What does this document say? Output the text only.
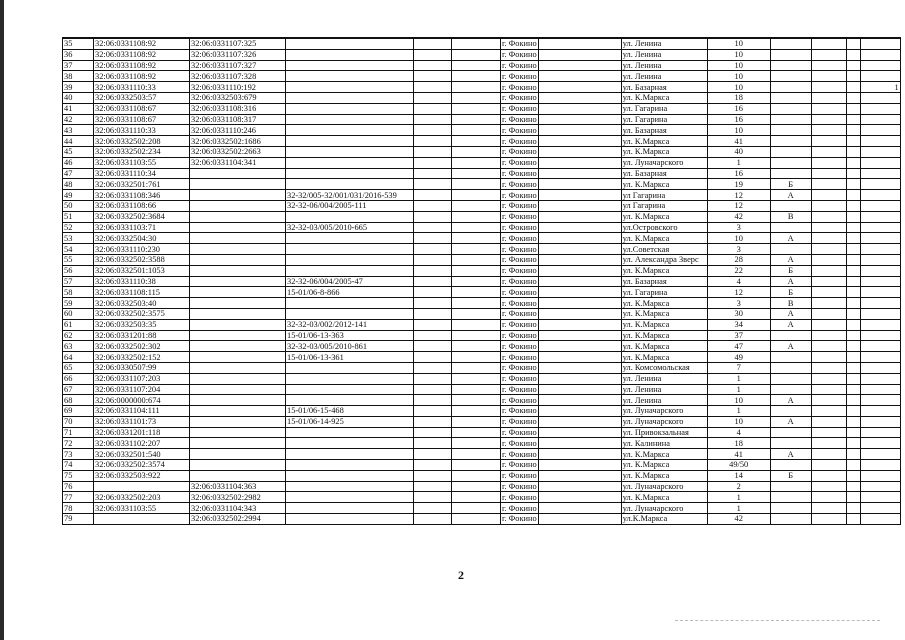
35	32:06:0331108:92	32:06:0331107:325				г. Фокино		ул. Ленина	10				
36	32:06:0331108:92	32:06:0331107:326				г. Фокино		ул. Ленина	10				
37	32:06:0331108:92	32:06:0331107:327				г. Фокино		ул. Ленина	10				
38	32:06:0331108:92	32:06:0331107:328				г. Фокино		ул. Ленина	10				
39	32:06:0331110:33	32:06:0331110:192				г. Фокино		ул. Базарная	10				1
40	32:06:0332503:57	32:06:0332503:679				г. Фокино		ул. К.Маркса	18				
41	32:06:0331108:67	32:06:0331108:316				г. Фокино		ул. Гагарина	16				
42	32:06:0331108:67	32:06:0331108:317				г. Фокино		ул. Гагарина	16				
43	32:06:0331110:33	32:06:0331110:246				г. Фокино		ул. Базарная	10				
44	32:06:0332502:208	32:06:0332502:1686				г. Фокино		ул. К.Маркса	41				
45	32:06:0332502:234	32:06:0332502:2663				г. Фокино		ул. К.Маркса	40				
46	32:06:0331103:55	32:06:0331104:341				г. Фокино		ул. Луначарского	1				
47	32:06:0331110:34					г. Фокино		ул. Базарная	16				
48	32:06:0332501:761					г. Фокино		ул. К.Маркса	19	Б			
49	32:06:0331108:346		32-32/005-32/001/031/2016-539			г. Фокино		ул Гагарина	12	А			
50	32:06:0331108:66		32-32-06/004/2005-111			г. Фокино		ул Гагарина	12				
51	32:06:0332502:3684					г. Фокино		ул. К.Маркса	42	В			
52	32:06:0331103:71		32-32-03/005/2010-665			г. Фокино		ул.Островского	3				
53	32:06:0332504:30					г. Фокино		ул. К.Маркса	10	А			
54	32:06:0331110:230					г. Фокино		ул.Советская	3				
55	32:06:0332502:3588					г. Фокино		ул. Александра Зверс	28	А			
56	32:06:0332501:1053					г. Фокино		ул. К.Маркса	22	Б			
57	32:06:0331110:38		32-32-06/004/2005-47			г. Фокино		ул. Базарная	4	А			
58	32:06:0331108:115		15-01/06-8-866			г. Фокино		ул. Гагарина	12	Б			
59	32:06:0332503:40					г. Фокино		ул. К.Маркса	3	В			
60	32:06:0332502:3575					г. Фокино		ул. К.Маркса	30	А			
61	32:06:0332503:35		32-32-03/002/2012-141			г. Фокино		ул. К.Маркса	34	А			
62	32:06:0331201:88		15-01/06-13-363			г. Фокино		ул. К.Маркса	37				
63	32:06:0332502:302		32-32-03/005/2010-861			г. Фокино		ул. К.Маркса	47	А			
64	32:06:0332502:152		15-01/06-13-361			г. Фокино		ул. К.Маркса	49				
65	32:06:0330507:99					г. Фокино		ул. Комсомольская	7				
66	32:06:0331107:203					г. Фокино		ул. Ленина	1				
67	32:06:0331107:204					г. Фокино		ул. Ленина	1				
68	32:06:0000000:674					г. Фокино		ул. Ленина	10	А			
69	32:06:0331104:111		15-01/06-15-468			г. Фокино		ул. Луначарского	1				
70	32:06:0331101:73		15-01/06-14-925			г. Фокино		ул. Луначарского	10	А			
71	32:06:0331201:118					г. Фокино		ул. Привокзальная	4				
72	32:06:0331102:207					г. Фокино		ул. Калинина	18				
73	32:06:0332501:540					г. Фокино		ул. К.Маркса	41	А			
74	32:06:0332502:3574					г. Фокино		ул. К.Маркса	49/50				
75	32:06:0332503:922					г. Фокино		ул. К.Маркса	14	Б			
76		32:06:0331104:363				г. Фокино		ул. Луначарского	2				
77	32:06:0332502:203	32:06:0332502:2982				г. Фокино		ул. К.Маркса	1				
78	32:06:0331103:55	32:06:0331104:343				г. Фокино		ул. Луначарского	1				
79		32:06:0332502:2994				г. Фокино		ул.К.Маркса	42				
2
